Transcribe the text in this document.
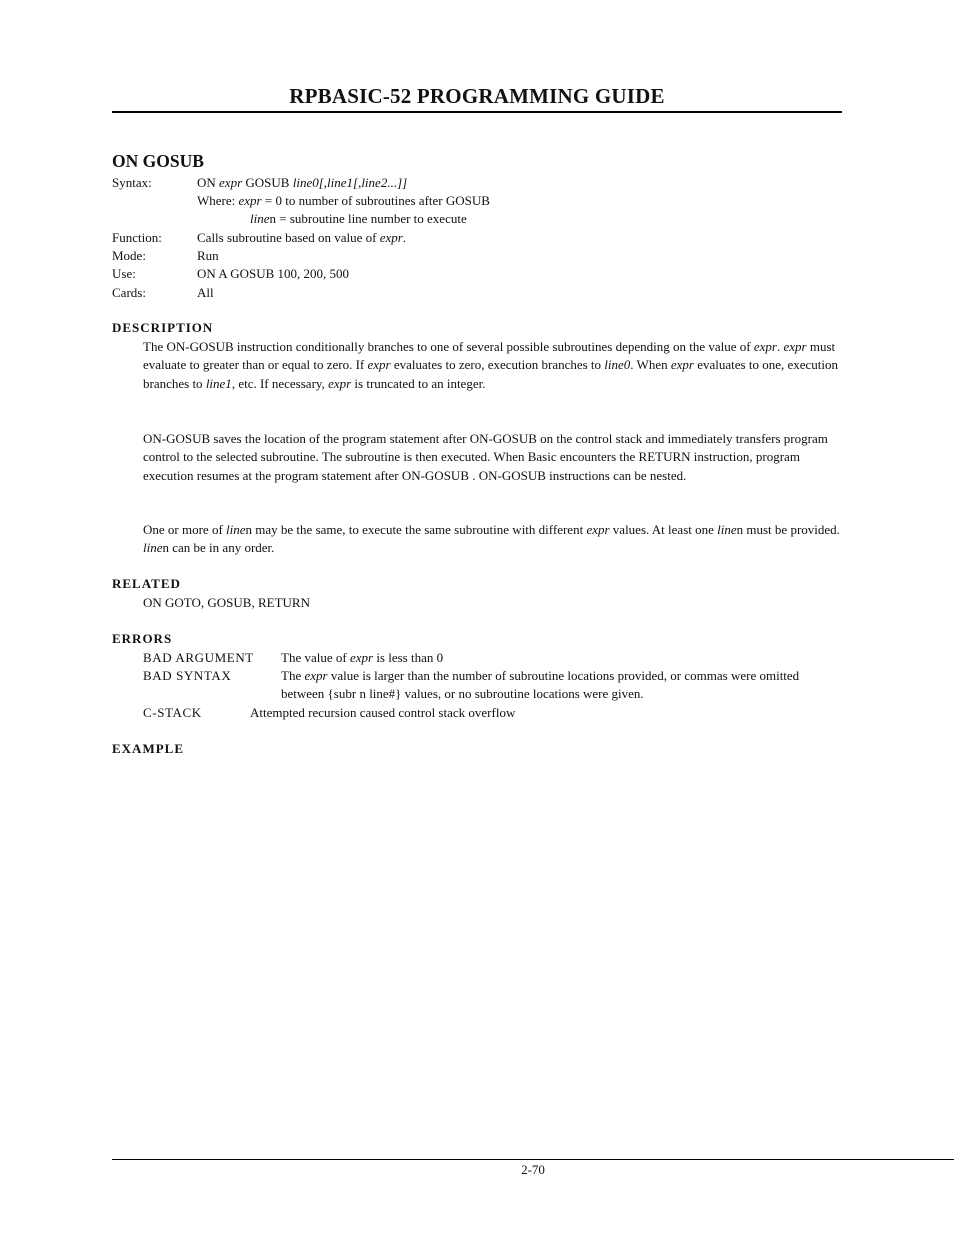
RPBASIC-52 PROGRAMMING GUIDE
ON GOSUB
Syntax:	ON expr GOSUB line0[,line1[,line2...]]
Where: expr = 0 to number of subroutines after GOSUB
linen = subroutine line number to execute
Function:	Calls subroutine based on value of expr.
Mode:	Run
Use:	ON A GOSUB 100, 200, 500
Cards:	All
DESCRIPTION

The ON-GOSUB instruction conditionally branches to one of several possible subroutines depending on the value of expr. expr must evaluate to greater than or equal to zero. If expr evaluates to zero, execution branches to line0. When expr evaluates to one, execution branches to line1, etc. If necessary, expr is truncated to an integer.

ON-GOSUB saves the location of the program statement after ON-GOSUB on the control stack and immediately transfers program control to the selected subroutine. The subroutine is then executed. When Basic encounters the RETURN instruction, program execution resumes at the program statement after ON-GOSUB . ON-GOSUB instructions can be nested.

One or more of linen may be the same, to execute the same subroutine with different expr values. At least one linen must be provided. linen can be in any order.

RELATED
ON GOTO, GOSUB, RETURN
ERRORS
BAD ARGUMENT The value of expr is less than 0
BAD SYNTAX	The expr value is larger than the number of subroutine locations provided, or commas were omitted between {subr n line#} values, or no subroutine locations were given.
C-STACK	Attempted recursion caused control stack overflow
EXAMPLE
2-70
